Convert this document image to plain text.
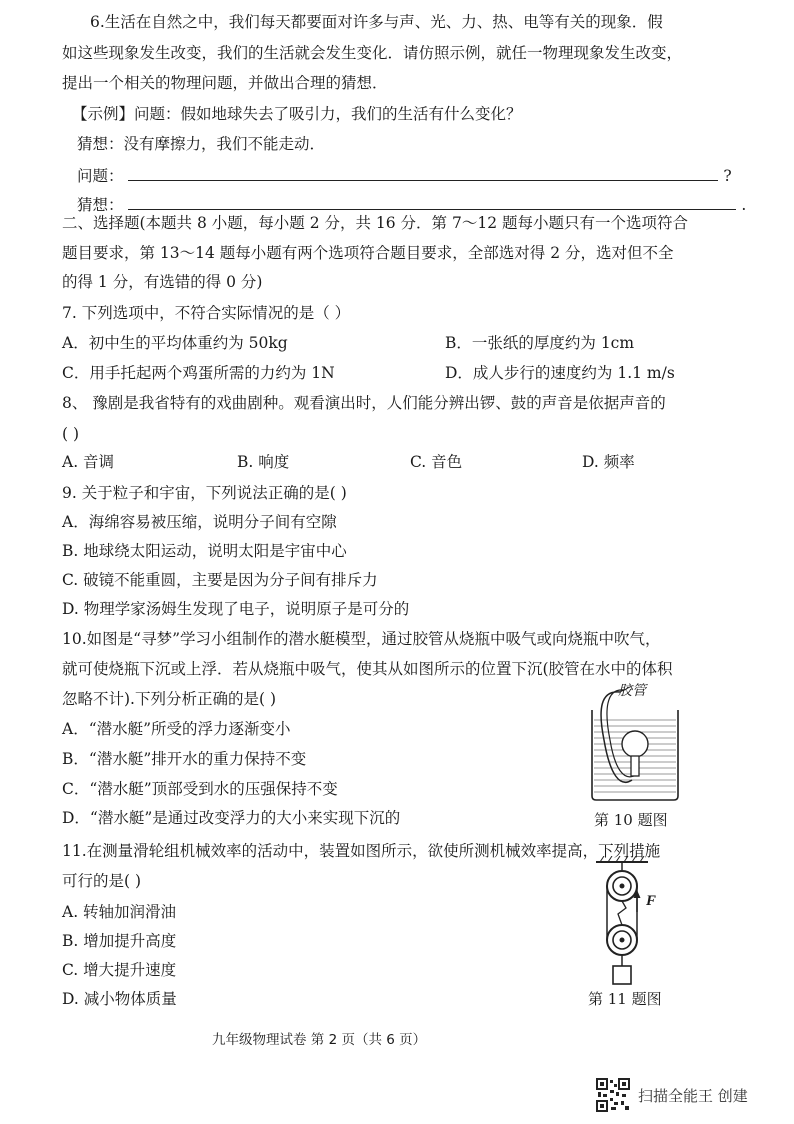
6.生活在自然之中，我们每天都要面对许多与声、光、力、热、电等有关的现象．假
如这些现象发生改变，我们的生活就会发生变化．请仿照示例，就任一物理现象发生改变，
提出一个相关的物理问题，并做出合理的猜想．
【示例】问题：假如地球失去了吸引力，我们的生活有什么变化？
猜想：没有摩擦力，我们不能走动．
问题：	?
猜想：	.
二、选择题(本题共 8 小题，每小题 2 分，共 16 分．第 7～12 题每小题只有一个选项符合
题目要求，第 13～14 题每小题有两个选项符合题目要求，全部选对得 2 分，选对但不全
的得 1 分，有选错的得 0 分)
7. 下列选项中，不符合实际情况的是（ ）
A．初中生的平均体重约为 50kg	B．一张纸的厚度约为 1cm
C．用手托起两个鸡蛋所需的力约为 1N	D．成人步行的速度约为 1.1 m/s
8、 豫剧是我省特有的戏曲剧种。观看演出时，人们能分辨出锣、鼓的声音是依据声音的
( )
A. 音调	B. 响度	C. 音色	D. 频率
9. 关于粒子和宇宙，下列说法正确的是( )
A．海绵容易被压缩，说明分子间有空隙
B. 地球绕太阳运动，说明太阳是宇宙中心
C. 破镜不能重圆，主要是因为分子间有排斥力
D. 物理学家汤姆生发现了电子，说明原子是可分的
10.如图是“寻梦”学习小组制作的潜水艇模型，通过胶管从烧瓶中吸气或向烧瓶中吹气，
就可使烧瓶下沉或上浮．若从烧瓶中吸气，使其从如图所示的位置下沉(胶管在水中的体积
忽略不计).下列分析正确的是( )
A．“潜水艇”所受的浮力逐渐变小
B．“潜水艇”排开水的重力保持不变
C．“潜水艇”顶部受到水的压强保持不变
D．“潜水艇”是通过改变浮力的大小来实现下沉的
胶管
第 10 题图
11.在测量滑轮组机械效率的活动中，装置如图所示，欲使所测机械效率提高，下列措施
可行的是( )
A. 转轴加润滑油
B. 增加提升高度
C. 增大提升速度
D. 减小物体质量
F
第 11 题图
九年级物理试卷 第 2 页（共 6 页）
扫描全能王 创建
